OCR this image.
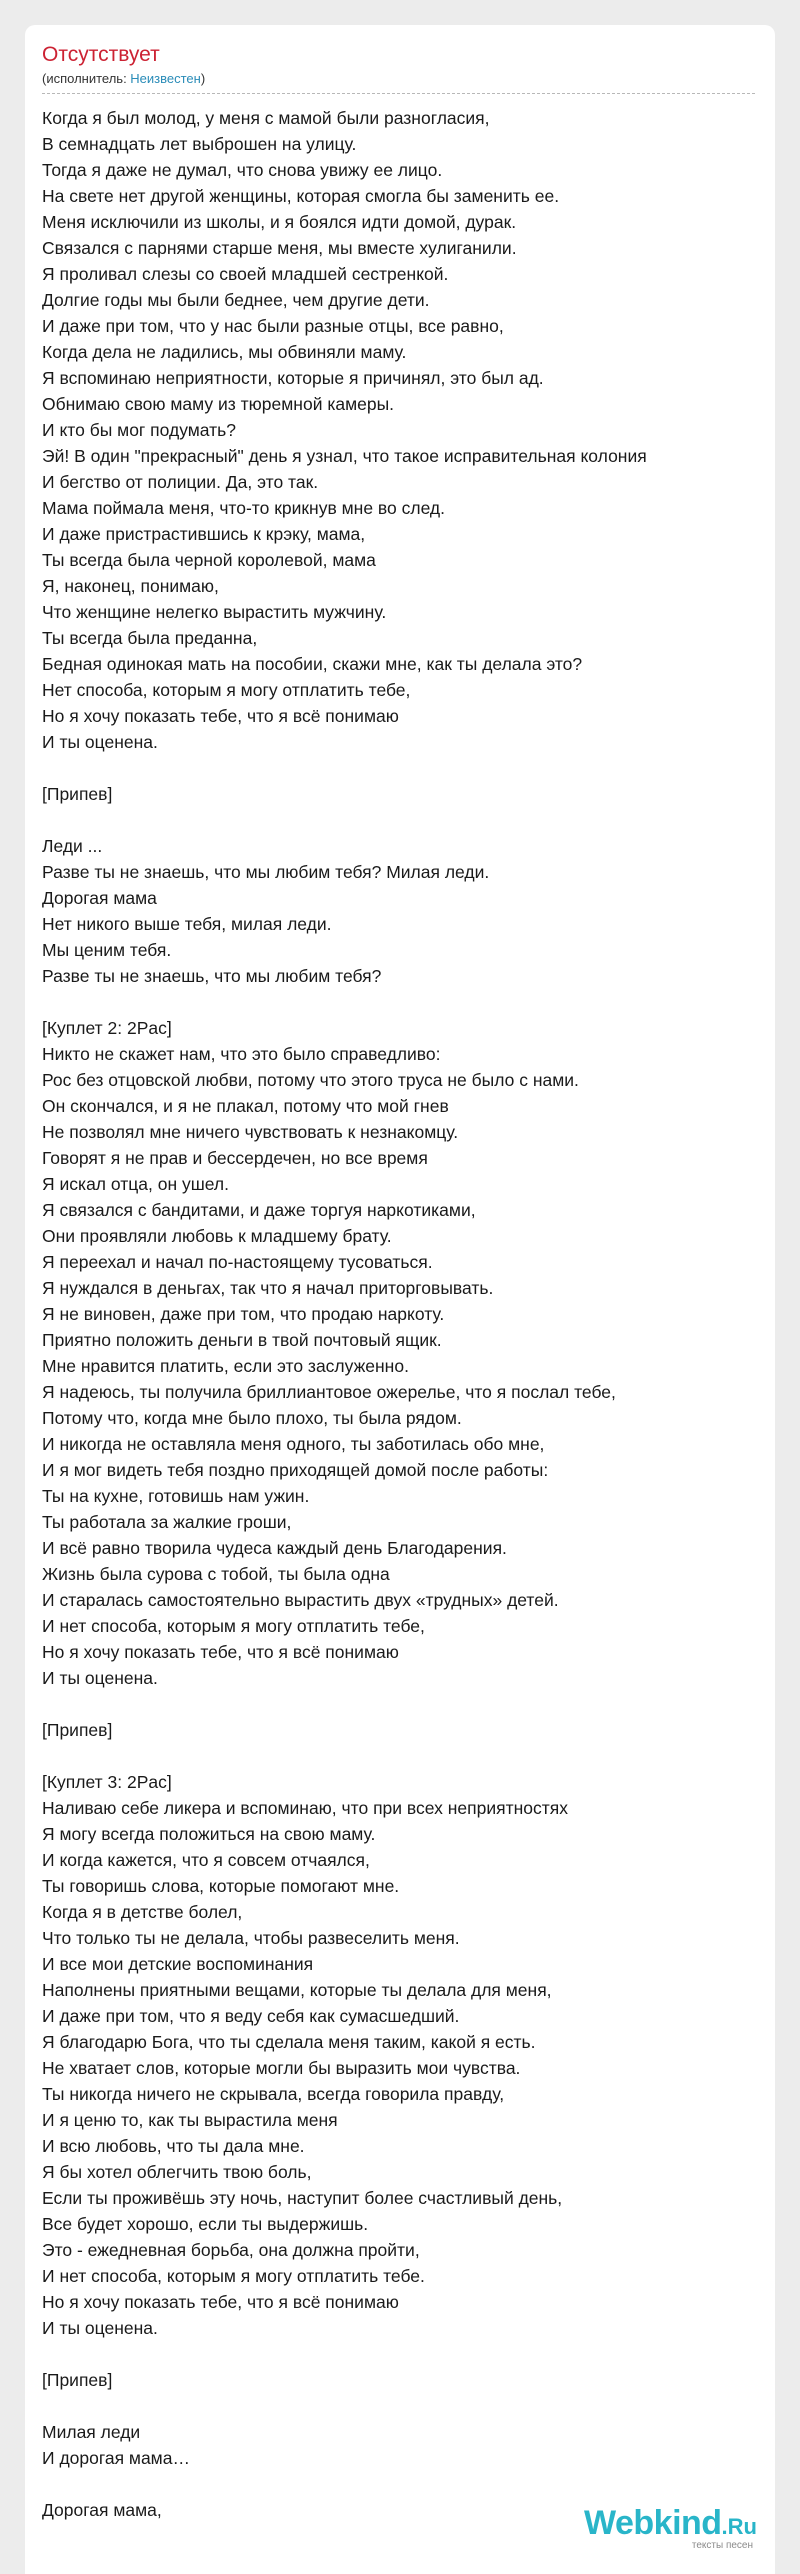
Отсутствует
(исполнитель: Неизвестен)
Когда я был молод, у меня с мамой были разногласия,
В семнадцать лет выброшен на улицу.
Тогда я даже не думал, что снова увижу ее лицо.
На свете нет другой женщины, которая смогла бы заменить ее.
Меня исключили из школы, и я боялся идти домой, дурак.
Связался с парнями старше меня, мы вместе хулиганили.
Я проливал слезы со своей младшей сестренкой.
Долгие годы мы были беднее, чем другие дети.
И даже при том, что у нас были разные отцы, все равно,
Когда дела не ладились, мы обвиняли маму.
Я вспоминаю неприятности, которые я причинял, это был ад.
Обнимаю свою маму из тюремной камеры.
И кто бы мог подумать?
Эй! В один "прекрасный" день я узнал, что такое исправительная колония
И бегство от полиции. Да, это так.
Мама поймала меня, что-то крикнув мне во след.
И даже пристрастившись к крэку, мама,
Ты всегда была черной королевой, мама
Я, наконец, понимаю,
Что женщине нелегко вырастить мужчину.
Ты всегда была преданна,
Бедная одинокая мать на пособии, скажи мне, как ты делала это?
Нет способа, которым я могу отплатить тебе,
Но я хочу показать тебе, что я всё понимаю
И ты оценена.

[Припев]

Леди ...
Разве ты не знаешь, что мы любим тебя? Милая леди.
Дорогая мама
Нет никого выше тебя, милая леди.
Мы ценим тебя.
Разве ты не знаешь, что мы любим тебя?

[Куплет 2: 2Pac]
Никто не скажет нам, что это было справедливо:
Рос без отцовской любви, потому что этого труса не было с нами.
Он скончался, и я не плакал, потому что мой гнев
Не позволял мне ничего чувствовать к незнакомцу.
Говорят я не прав и бессердечен, но все время
Я искал отца, он ушел.
Я связался с бандитами, и даже торгуя наркотиками,
Они проявляли любовь к младшему брату.
Я переехал и начал по-настоящему тусоваться.
Я нуждался в деньгах, так что я начал приторговывать.
Я не виновен, даже при том, что продаю наркоту.
Приятно положить деньги в твой почтовый ящик.
Мне нравится платить, если это заслуженно.
Я надеюсь, ты получила бриллиантовое ожерелье, что я послал тебе,
Потому что, когда мне было плохо, ты была рядом.
И никогда не оставляла меня одного, ты заботилась обо мне,
И я мог видеть тебя поздно приходящей домой после работы:
Ты на кухне, готовишь нам ужин.
Ты работала за жалкие гроши,
И всё равно творила чудеса каждый день Благодарения.
Жизнь была сурова с тобой, ты была одна
И старалась самостоятельно вырастить двух «трудных» детей.
И нет способа, которым я могу отплатить тебе,
Но я хочу показать тебе, что я всё понимаю
И ты оценена.

[Припев]

[Куплет 3: 2Pac]
Наливаю себе ликера и вспоминаю, что при всех неприятностях
Я могу всегда положиться на свою маму.
И когда кажется, что я совсем отчаялся,
Ты говоришь слова, которые помогают мне.
Когда я в детстве болел,
Что только ты не делала, чтобы развеселить меня.
И все мои детские воспоминания
Наполнены приятными вещами, которые ты делала для меня,
И даже при том, что я веду себя как сумасшедший.
Я благодарю Бога, что ты сделала меня таким, какой я есть.
Не хватает слов, которые могли бы выразить мои чувства.
Ты никогда ничего не скрывала, всегда говорила правду,
И я ценю то, как ты вырастила меня
И всю любовь, что ты дала мне.
Я бы хотел облегчить твою боль,
Если ты проживёшь эту ночь, наступит более счастливый день,
Все будет хорошо, если ты выдержишь.
Это - ежедневная борьба, она должна пройти,
И нет способа, которым я могу отплатить тебе.
Но я хочу показать тебе, что я всё понимаю
И ты оценена.

[Припев]

Милая леди
И дорогая мама…

Дорогая мама,	Webkind.Ru
тексты песен
